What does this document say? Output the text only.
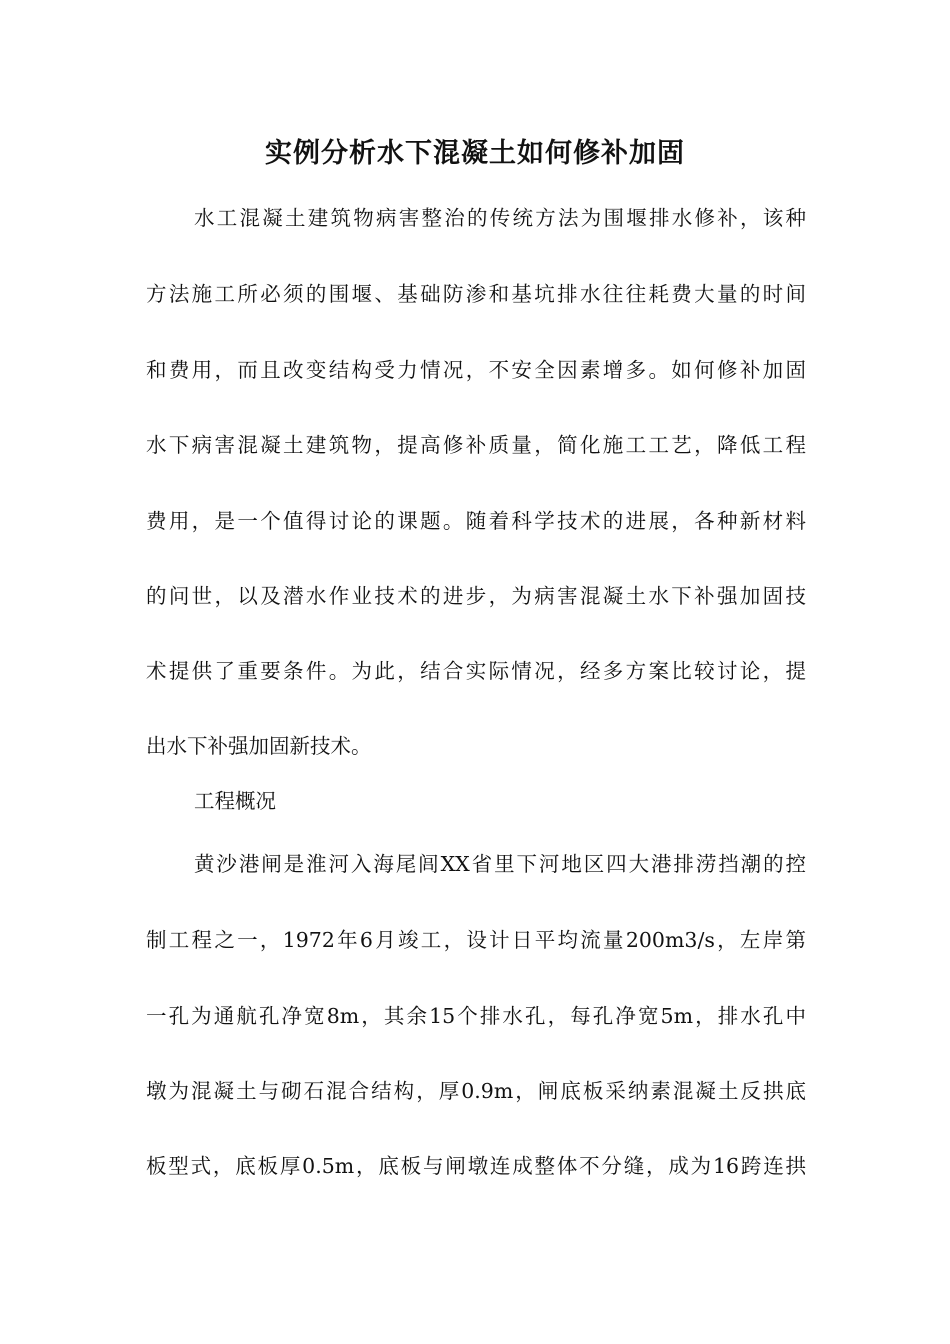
实例分析水下混凝土如何修补加固
水工混凝土建筑物病害整治的传统方法为围堰排水修补，该种
方法施工所必须的围堰、基础防渗和基坑排水往往耗费大量的时间
和费用，而且改变结构受力情况，不安全因素增多。如何修补加固
水下病害混凝土建筑物，提高修补质量，简化施工工艺，降低工程
费用，是一个值得讨论的课题。随着科学技术的进展，各种新材料
的问世，以及潜水作业技术的进步，为病害混凝土水下补强加固技
术提供了重要条件。为此，结合实际情况，经多方案比较讨论，提
出水下补强加固新技术。
工程概况
黄沙港闸是淮河入海尾闾XX省里下河地区四大港排涝挡潮的控
制工程之一，1972年6月竣工，设计日平均流量200m3/s，左岸第
一孔为通航孔净宽8m，其余15个排水孔，每孔净宽5m，排水孔中
墩为混凝土与砌石混合结构，厚0.9m，闸底板采纳素混凝土反拱底
板型式，底板厚0.5m，底板与闸墩连成整体不分缝，成为16跨连拱
